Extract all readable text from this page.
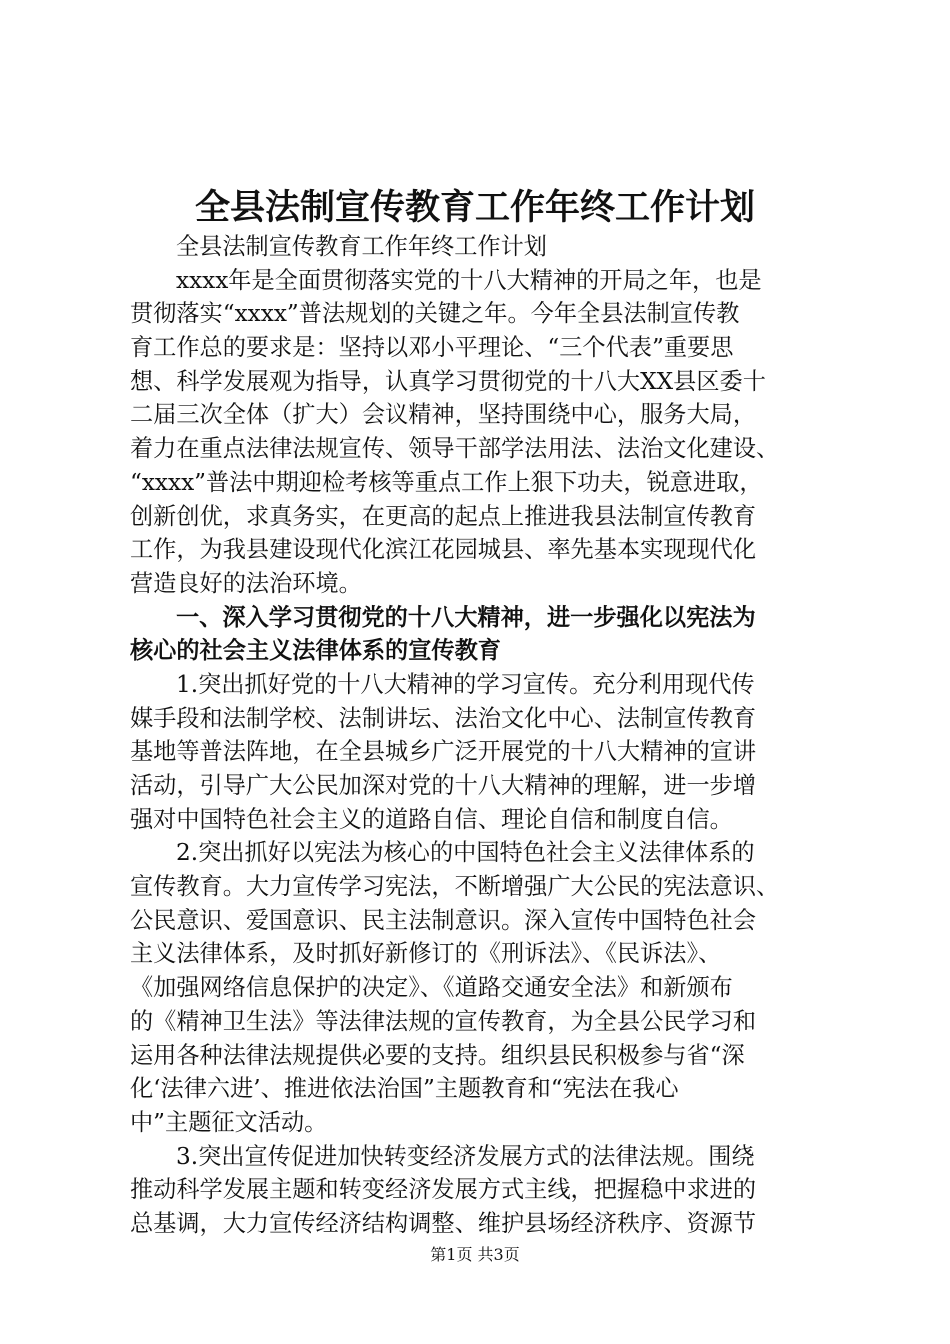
全县法制宣传教育工作年终工作计划
全县法制宣传教育工作年终工作计划
xxxx年是全面贯彻落实党的十八大精神的开局之年，也是
贯彻落实“xxxx”普法规划的关键之年。今年全县法制宣传教
育工作总的要求是：坚持以邓小平理论、“三个代表”重要思
想、科学发展观为指导，认真学习贯彻党的十八大XX县区委十
二届三次全体（扩大）会议精神，坚持围绕中心，服务大局，
着力在重点法律法规宣传、领导干部学法用法、法治文化建设、
“xxxx”普法中期迎检考核等重点工作上狠下功夫，锐意进取，
创新创优，求真务实，在更高的起点上推进我县法制宣传教育
工作，为我县建设现代化滨江花园城县、率先基本实现现代化
营造良好的法治环境。
一、深入学习贯彻党的十八大精神，进一步强化以宪法为
核心的社会主义法律体系的宣传教育
1.突出抓好党的十八大精神的学习宣传。充分利用现代传
媒手段和法制学校、法制讲坛、法治文化中心、法制宣传教育
基地等普法阵地，在全县城乡广泛开展党的十八大精神的宣讲
活动，引导广大公民加深对党的十八大精神的理解，进一步增
强对中国特色社会主义的道路自信、理论自信和制度自信。
2.突出抓好以宪法为核心的中国特色社会主义法律体系的
宣传教育。大力宣传学习宪法，不断增强广大公民的宪法意识、
公民意识、爱国意识、民主法制意识。深入宣传中国特色社会
主义法律体系，及时抓好新修订的《刑诉法》、《民诉法》、
《加强网络信息保护的决定》、《道路交通安全法》和新颁布
的《精神卫生法》等法律法规的宣传教育，为全县公民学习和
运用各种法律法规提供必要的支持。组织县民积极参与省“深
化‘法律六进’、推进依法治国”主题教育和“宪法在我心
中”主题征文活动。
3.突出宣传促进加快转变经济发展方式的法律法规。围绕
推动科学发展主题和转变经济发展方式主线，把握稳中求进的
总基调，大力宣传经济结构调整、维护县场经济秩序、资源节
第1页 共3页
